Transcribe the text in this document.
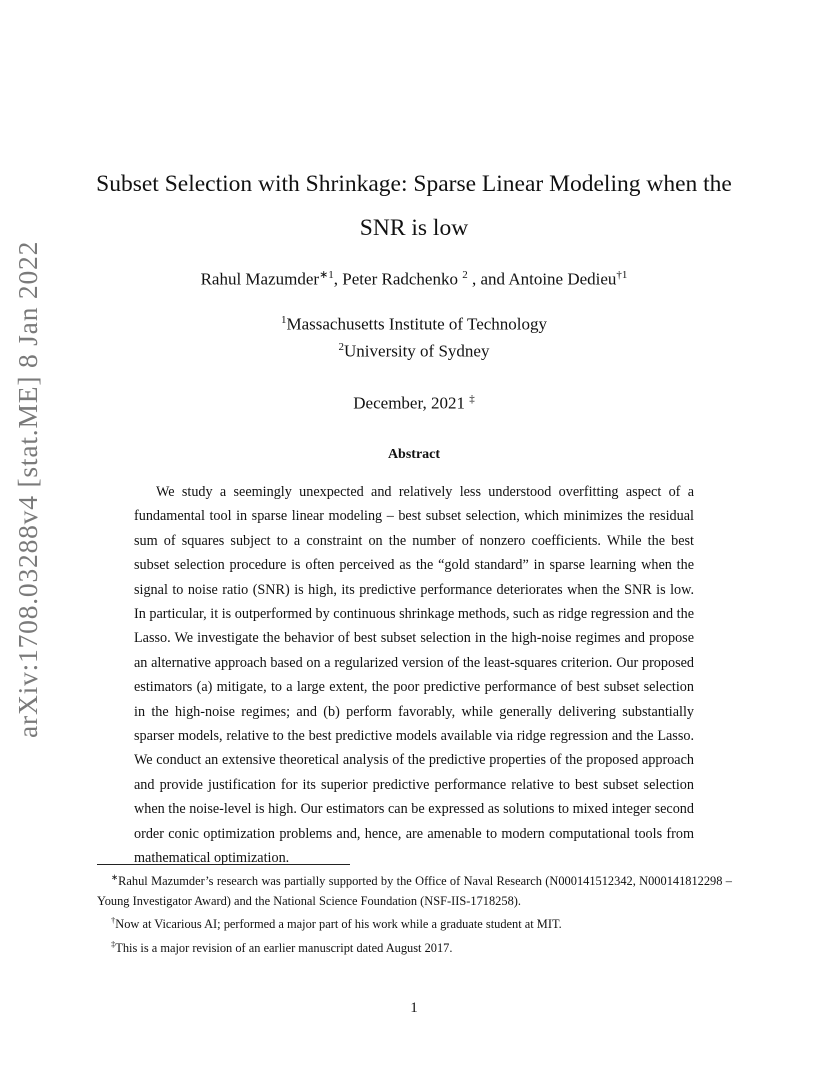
arXiv:1708.03288v4 [stat.ME] 8 Jan 2022
Subset Selection with Shrinkage: Sparse Linear Modeling when the SNR is low
Rahul Mazumder$^{∗1}$, Peter Radchenko $^2$ , and Antoine Dedieu$^{\dagger 1}$
$^1$Massachusetts Institute of Technology
$^2$University of Sydney
December, 2021 ‡
Abstract

We study a seemingly unexpected and relatively less understood overfitting aspect of a fundamental tool in sparse linear modeling – best subset selection, which minimizes the residual sum of squares subject to a constraint on the number of nonzero coefficients. While the best subset selection procedure is often perceived as the “gold standard” in sparse learning when the signal to noise ratio (SNR) is high, its predictive performance deteriorates when the SNR is low. In particular, it is outperformed by continuous shrinkage methods, such as ridge regression and the Lasso. We investigate the behavior of best subset selection in the high-noise regimes and propose an alternative approach based on a regularized version of the least-squares criterion. Our proposed estimators (a) mitigate, to a large extent, the poor predictive performance of best subset selection in the high-noise regimes; and (b) perform favorably, while generally delivering substantially sparser models, relative to the best predictive models available via ridge regression and the Lasso. We conduct an extensive theoretical analysis of the predictive properties of the proposed approach and provide justification for its superior predictive performance relative to best subset selection when the noise-level is high. Our estimators can be expressed as solutions to mixed integer second order conic optimization problems and, hence, are amenable to modern computational tools from mathematical optimization.

∗Rahul Mazumder’s research was partially supported by the Office of Naval Research (N000141512342, N000141812298 – Young Investigator Award) and the National Science Foundation (NSF-IIS-1718258).

†Now at Vicarious AI; performed a major part of his work while a graduate student at MIT.

‡This is a major revision of an earlier manuscript dated August 2017.

1
